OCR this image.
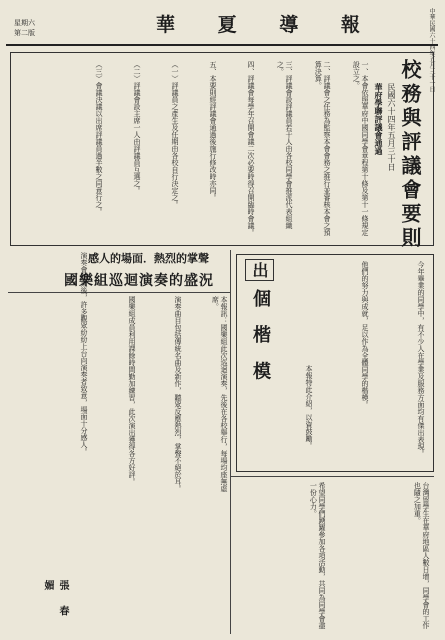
中華民國六十四年五月三十一日
華 夏 導 報
星期六
第二版
校務與評議會要則
民國六十四年五月三十日
華府學聯評議會通過
一、本會依照華府中國同學會章程第十條及第十一條規定設立之。
二、評議會之任務為監察本會會務之推行並審核本會之預算決算。
三、評議會設評議員若干人由各校同學會推派代表組織之。
四、評議會每學年召開會議二次必要時得召開臨時會議。
五、本要則經評議會通過後施行修改時亦同。
（一）評議員之產生及任期由各校自行決定之。
（二）評議會設主席一人由評議員互選之。
（三）會議決議以出席評議員過半數之同意行之。
國樂組巡迴演奏的盛況
感人的場面．熱烈的掌聲
本報訊：國樂組此次巡迴演奏，先後在各校舉行，每場均座無虛席。
演奏曲目包括傳統名曲及新作，聽眾反應熱烈，掌聲不絕於耳。
國樂組成員利用課餘時間勤加練習，此次演出獲得各方好評。
演奏會結束後，許多觀眾紛紛上台向演奏者致意，場面十分感人。	出
個 楷 模	今年畢業的同學中，有不少人在學業及服務方面均有傑出表現。
他們的努力與成就，足以作為全體同學的楷模。
本報特此介紹，以資鼓勵。
台灣留學生在華府地區人數日增，同學會的工作也隨之加重。
希望同學們踴躍參加各項活動，共同為同學會盡一份心力。
張 春 媚
